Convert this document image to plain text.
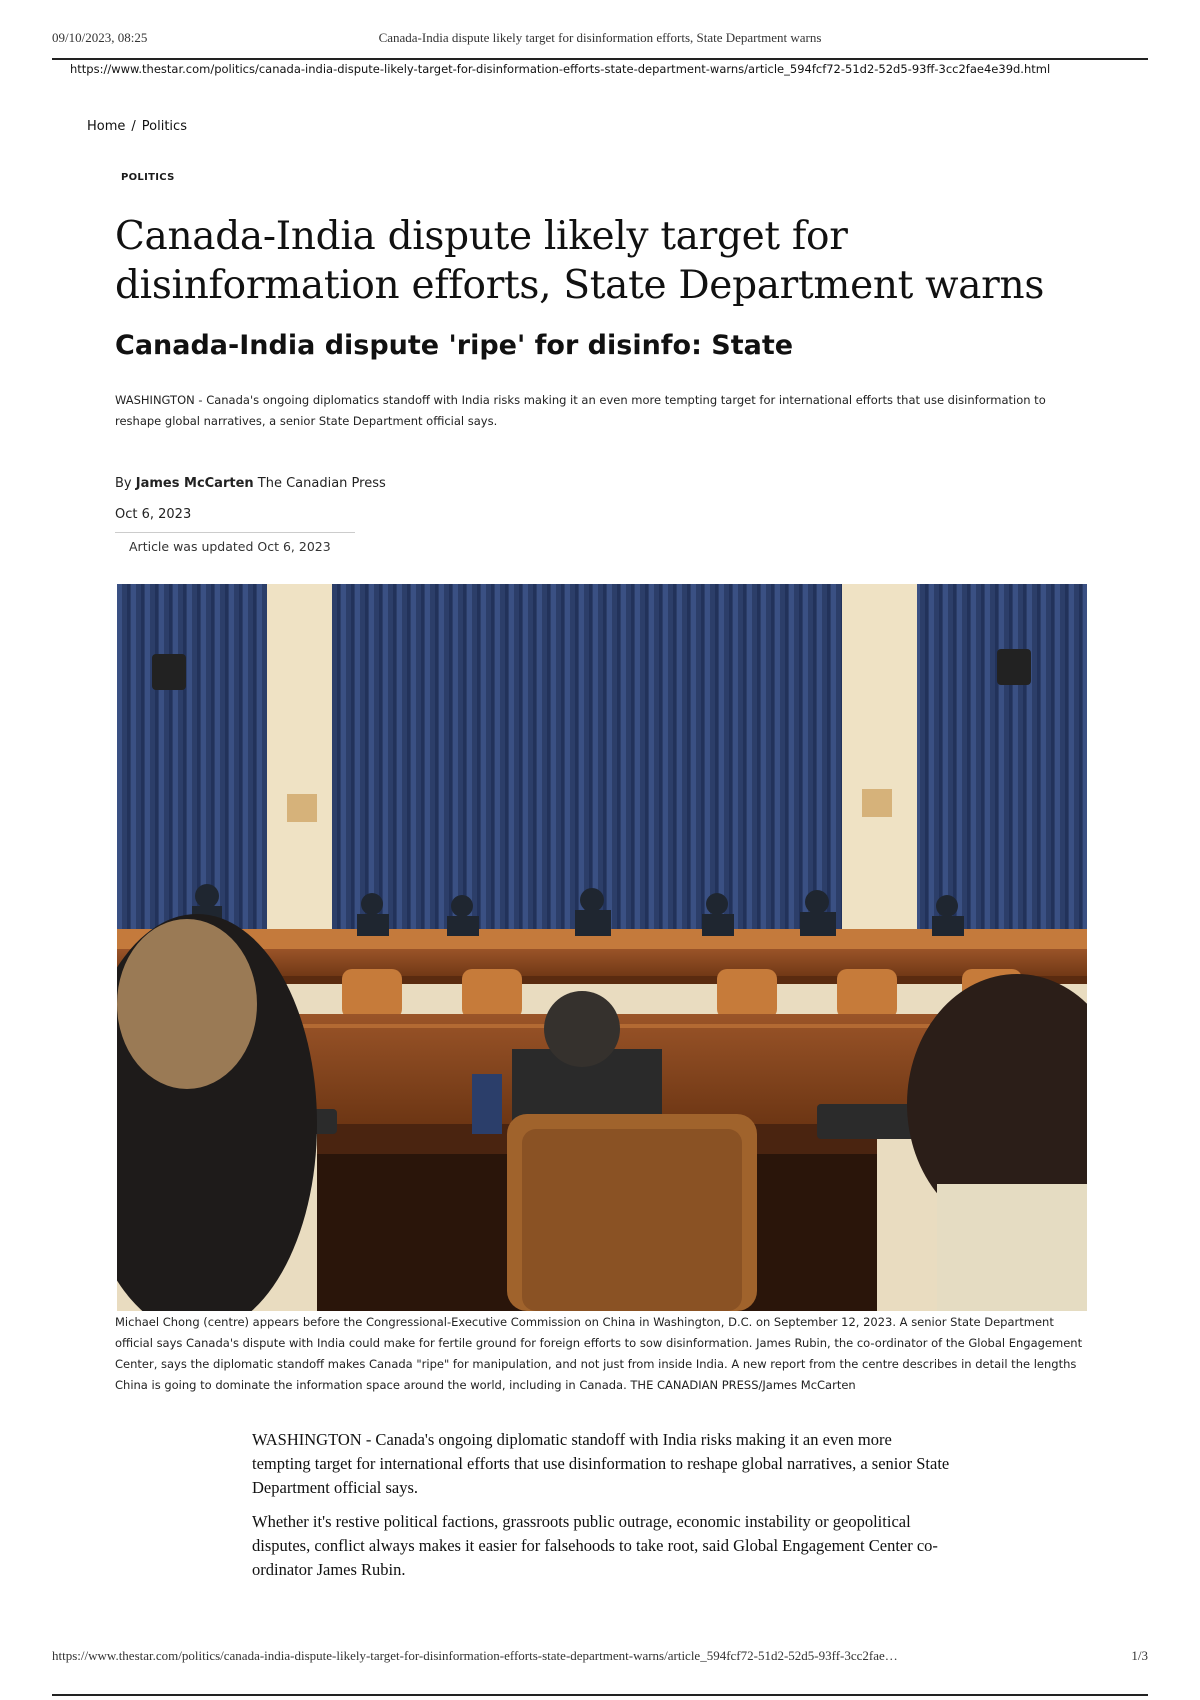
09/10/2023, 08:25	Canada-India dispute likely target for disinformation efforts, State Department warns
https://www.thestar.com/politics/canada-india-dispute-likely-target-for-disinformation-efforts-state-department-warns/article_594fcf72-51d2-52d5-93ff-3cc2fae4e39d.html
Home / Politics
POLITICS
Canada-India dispute likely target for
disinformation efforts, State Department warns
Canada-India dispute 'ripe' for disinfo: State
WASHINGTON - Canada's ongoing diplomatics standoff with India risks making it an even more tempting target for international efforts that use disinformation to reshape global narratives, a senior State Department official says.
By James McCarten The Canadian Press
Oct 6, 2023
Article was updated Oct 6, 2023
Michael Chong (centre) appears before the Congressional-Executive Commission on China in Washington, D.C. on September 12, 2023. A senior State Department official says Canada's dispute with India could make for fertile ground for foreign efforts to sow disinformation. James Rubin, the co-ordinator of the Global Engagement Center, says the diplomatic standoff makes Canada "ripe" for manipulation, and not just from inside India. A new report from the centre describes in detail the lengths China is going to dominate the information space around the world, including in Canada. THE CANADIAN PRESS/James McCarten

WASHINGTON - Canada's ongoing diplomatic standoff with India risks making it an even more tempting target for international efforts that use disinformation to reshape global narratives, a senior State Department official says.

Whether it's restive political factions, grassroots public outrage, economic instability or geopolitical disputes, conflict always makes it easier for falsehoods to take root, said Global Engagement Center co-ordinator James Rubin.

https://www.thestar.com/politics/canada-india-dispute-likely-target-for-disinformation-efforts-state-department-warns/article_594fcf72-51d2-52d5-93ff-3cc2fae…	1/3
